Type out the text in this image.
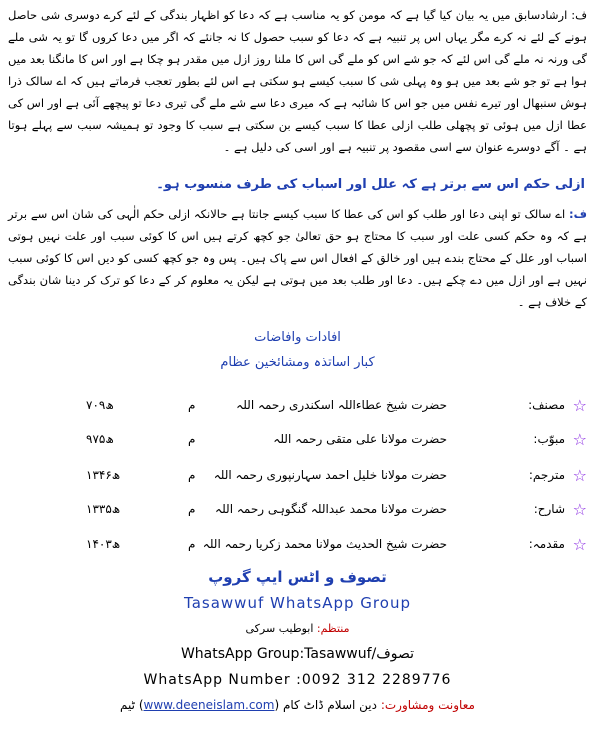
ف: ارشادسابق میں یہ بیان کیا گیا ہے کہ مومن کو یہ مناسب ہے کہ دعا کو اظہار بندگی کے لئے کرے دوسری شی حاصل ہونے کے لئے نہ کرے مگر یہاں اس پر تنبیہ ہے کہ دعا کو سبب حصول کا نہ جانئے کہ اگر میں دعا کروں گا تو یہ شی ملے گی ورنہ نہ ملے گی اس لئے کہ جو شے اس کو ملے گی اس کا ملنا روز ازل میں مقدر ہو چکا ہے اور اس کا مانگنا بعد میں ہوا ہے تو جو شے بعد میں ہو وہ پہلی شی کا سبب کیسے ہو سکتی ہے اس لئے بطور تعجب فرماتے ہیں کہ اے سالک ذرا ہوش سنبھال اور تیرے نفس میں جو اس کا شائبہ ہے کہ میری دعا سے شے ملے گی تیری دعا تو پیچھے آئی ہے اور اس کی عطا ازل میں ہوئی تو پچھلی طلب ازلی عطا کا سبب کیسے بن سکتی ہے سبب کا وجود تو ہمیشہ سبب سے پہلے ہوتا ہے ۔ آگے دوسرے عنوان سے اسی مقصود پر تنبیہ ہے اور اسی کی دلیل ہے ۔
ازلی حکم اس سے برتر ہے کہ علل اور اسباب کی طرف منسوب ہو۔
ف: اے سالک تو اپنی دعا اور طلب کو اس کی عطا کا سبب کیسے جانتا ہے حالانکہ ازلی حکم الٰہی کی شان اس سے برتر ہے کہ وہ حکم کسی علت اور سبب کا محتاج ہو حق تعالیٰ جو کچھ کرتے ہیں اس کا کوئی سبب اور علت نہیں ہوتی اسباب اور علل کے محتاج بندے ہیں اور خالق کے افعال اس سے پاک ہیں۔ پس وہ جو کچھ کسی کو دیں اس کا کوئی سبب نہیں ہے اور ازل میں دے چکے ہیں۔ دعا اور طلب بعد میں ہوتی ہے لیکن یہ معلوم کر کے دعا کو ترک کر دینا شان بندگی کے خلاف ہے ۔
افادات وافاضات
کبار اساتذہ ومشائخین عظام
☆
مصنف:
حضرت شیخ عطاءاللہ اسکندری رحمہ اللہ
م
۷۰۹ھ
☆
مبوّب:
حضرت مولانا علی متقی رحمہ اللہ
م
۹۷۵ھ
☆
مترجم:
حضرت مولانا خلیل احمد سہارنپوری رحمہ اللہ
م
۱۳۴۶ھ
☆
شارح:
حضرت مولانا محمد عبداللہ گنگوہی رحمہ اللہ
م
۱۳۳۵ھ
☆
مقدمہ:
حضرت شیخ الحدیث مولانا محمد زکریا رحمہ اللہ
م
۱۴۰۳ھ
تصوف و اٹس ایپ گروپ
Tasawwuf WhatsApp Group
منتظم: ابوطیب سرکی
WhatsApp Group:Tasawwuf/تصوف
WhatsApp Number :0092 312 2289776
معاونت ومشاورت: دین اسلام ڈاٹ کام (www.deeneislam.com) ٹیم
